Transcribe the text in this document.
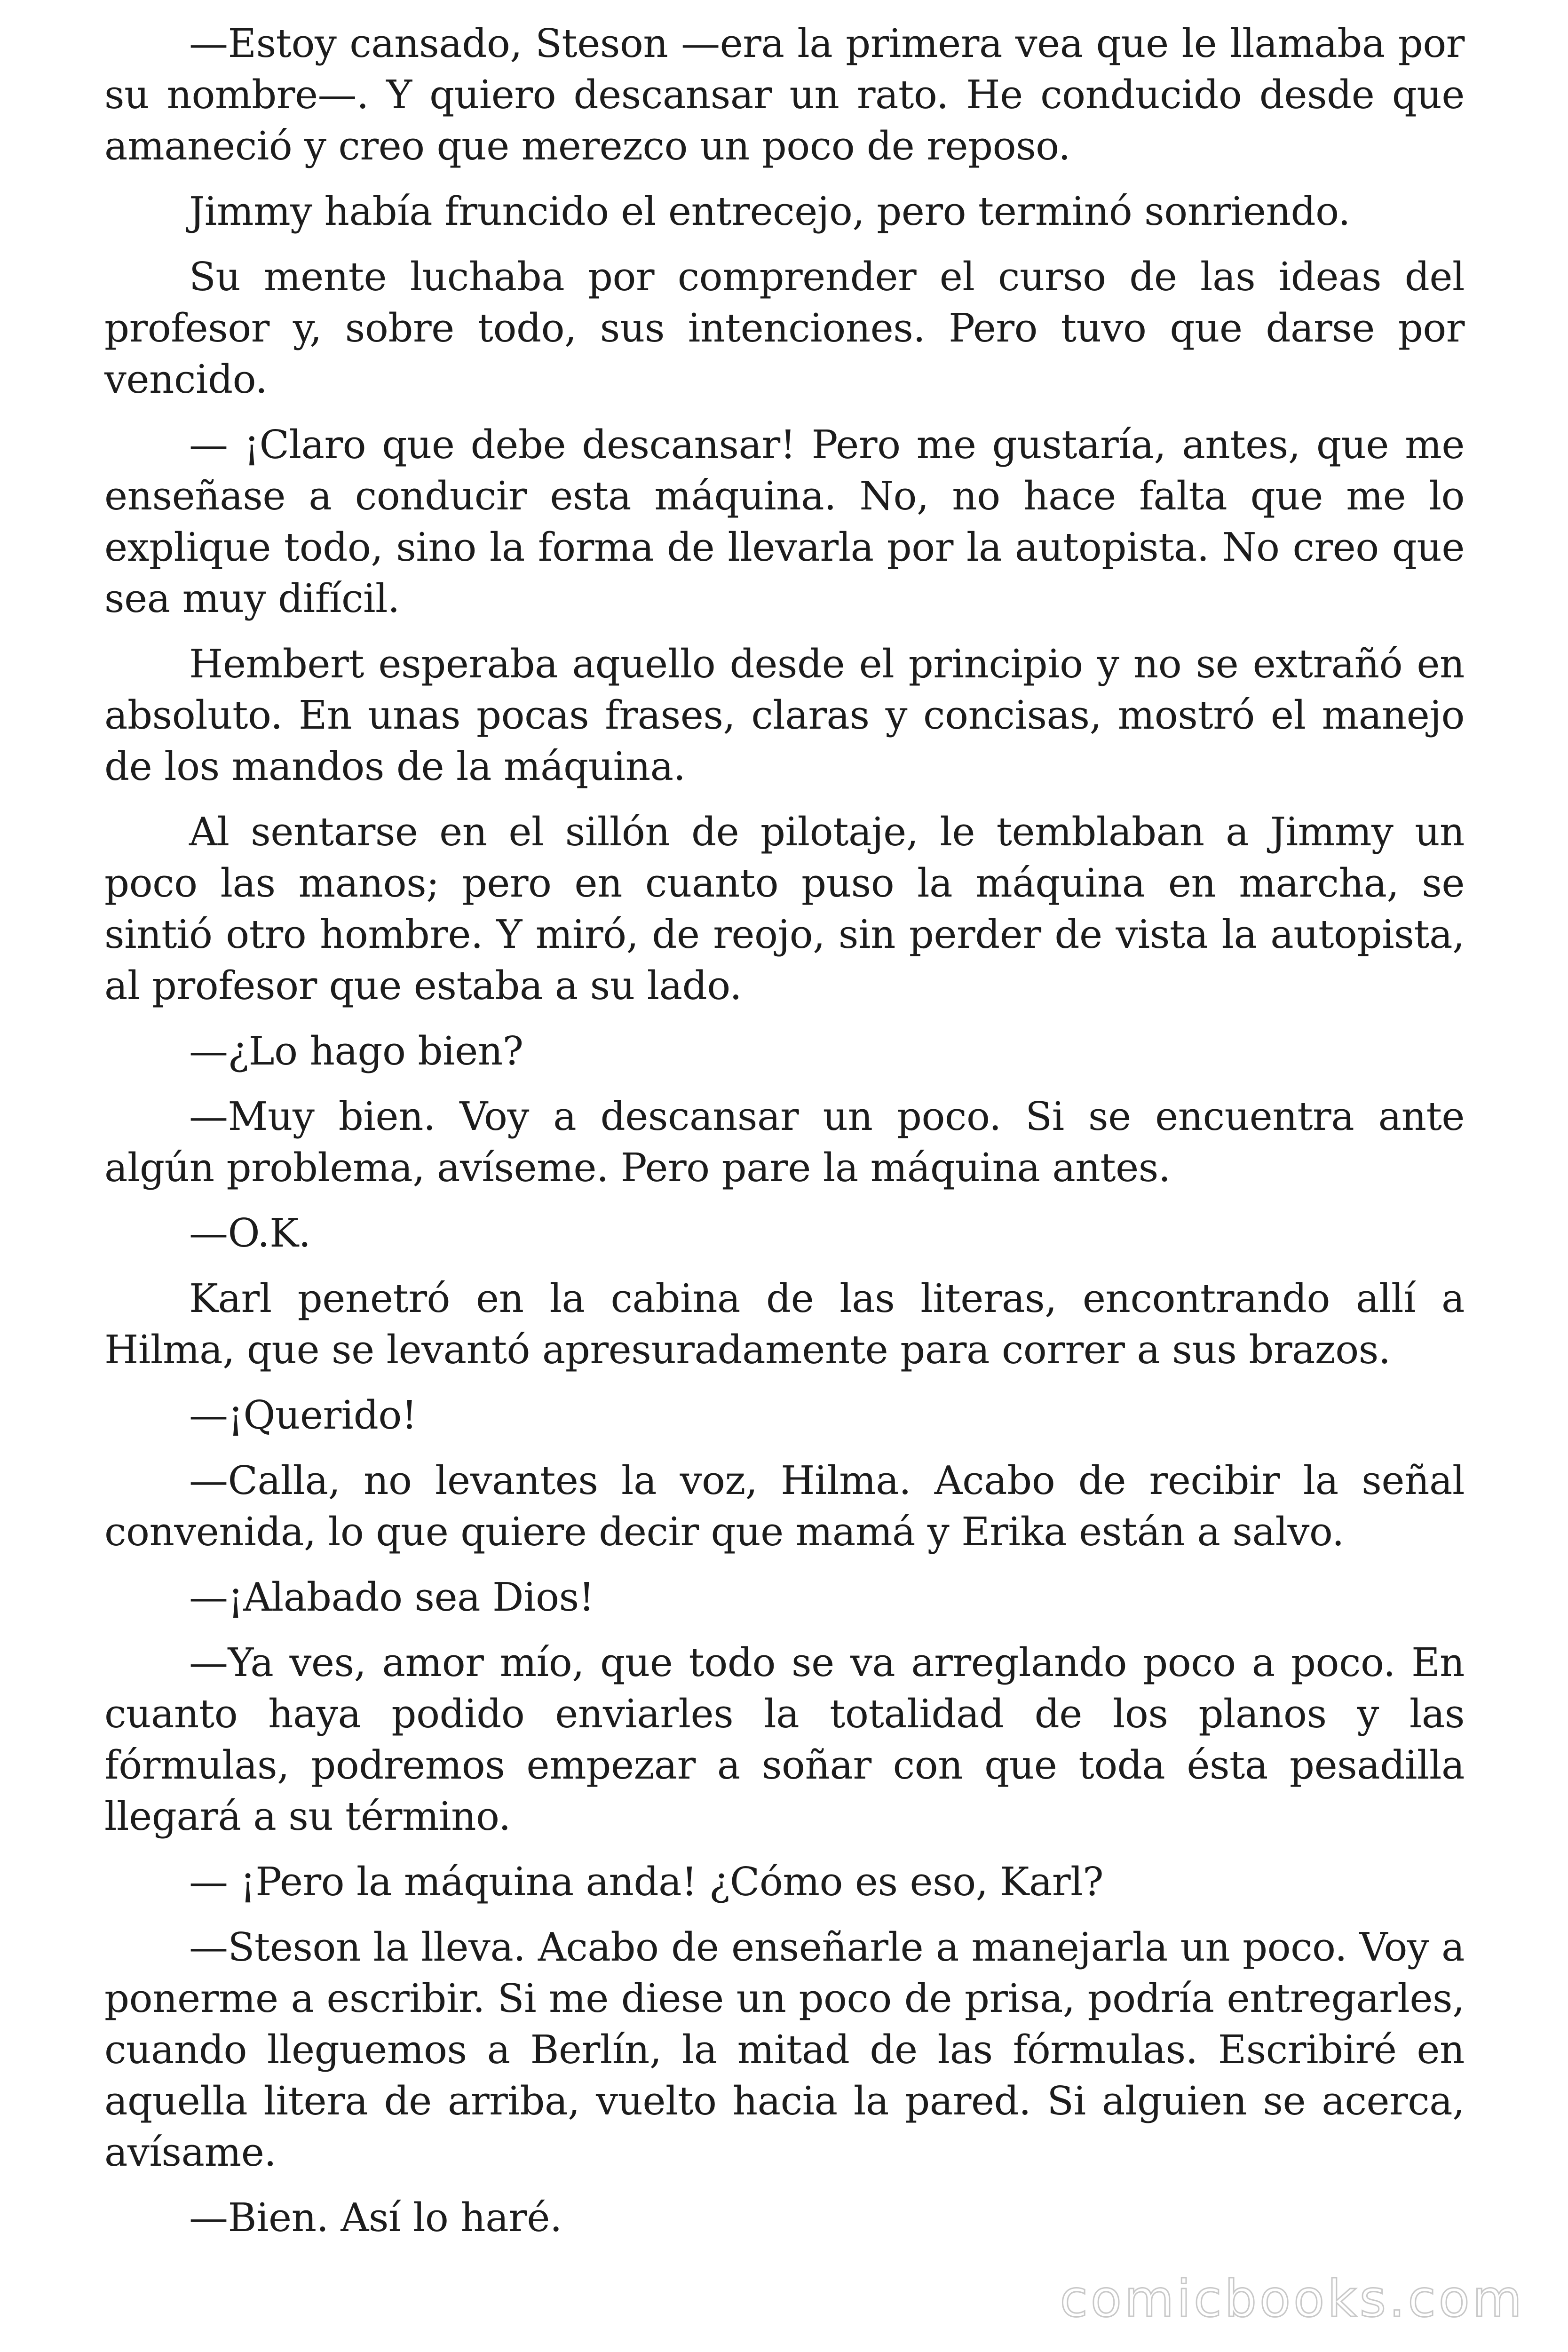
—Estoy cansado, Steson —era la primera vea que le llamaba por su nombre—. Y quiero descansar un rato. He conducido desde que amaneció y creo que merezco un poco de reposo.

Jimmy había fruncido el entrecejo, pero terminó sonriendo.

Su mente luchaba por comprender el curso de las ideas del profesor y, sobre todo, sus intenciones. Pero tuvo que darse por vencido.

— ¡Claro que debe descansar! Pero me gustaría, antes, que me enseñase a conducir esta máquina. No, no hace falta que me lo explique todo, sino la forma de llevarla por la autopista. No creo que sea muy difícil.

Hembert esperaba aquello desde el principio y no se extrañó en absoluto. En unas pocas frases, claras y concisas, mostró el manejo de los mandos de la máquina.

Al sentarse en el sillón de pilotaje, le temblaban a Jimmy un poco las manos; pero en cuanto puso la máquina en marcha, se sintió otro hombre. Y miró, de reojo, sin perder de vista la autopista, al profesor que estaba a su lado.

—¿Lo hago bien?

—Muy bien. Voy a descansar un poco. Si se encuentra ante algún problema, avíseme. Pero pare la máquina antes.

—O.K.

Karl penetró en la cabina de las literas, encontrando allí a Hilma, que se levantó apresuradamente para correr a sus brazos.

—¡Querido!

—Calla, no levantes la voz, Hilma. Acabo de recibir la señal convenida, lo que quiere decir que mamá y Erika están a salvo.

—¡Alabado sea Dios!

—Ya ves, amor mío, que todo se va arreglando poco a poco. En cuanto haya podido enviarles la totalidad de los planos y las fórmulas, podremos empezar a soñar con que toda ésta pesadilla llegará a su término.

— ¡Pero la máquina anda! ¿Cómo es eso, Karl?

—Steson la lleva. Acabo de enseñarle a manejarla un poco. Voy a ponerme a escribir. Si me diese un poco de prisa, podría entregarles, cuando lleguemos a Berlín, la mitad de las fórmulas. Escribiré en aquella litera de arriba, vuelto hacia la pared. Si alguien se acerca, avísame.

—Bien. Así lo haré.

comicbooks.com
